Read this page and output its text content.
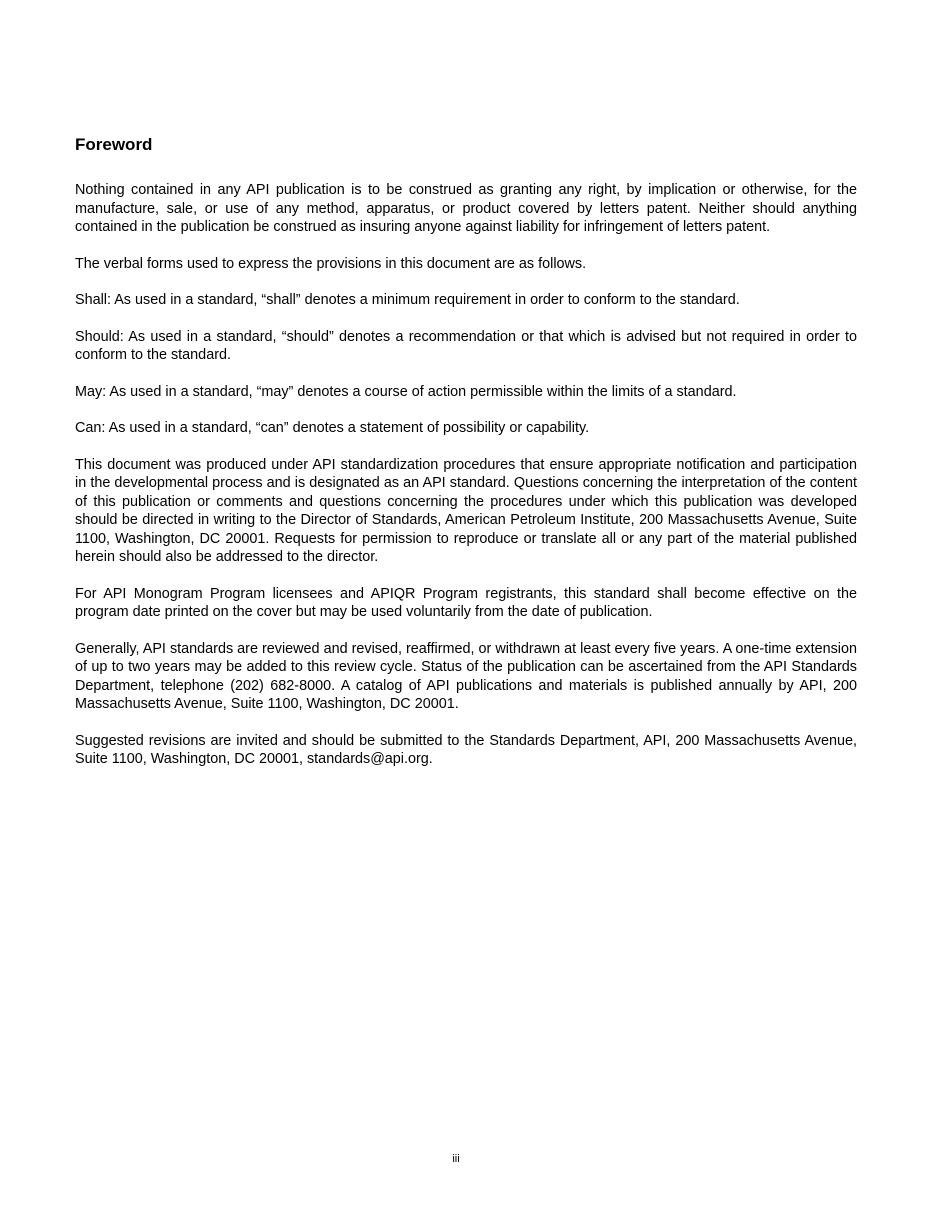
Foreword

Nothing contained in any API publication is to be construed as granting any right, by implication or otherwise, for the manufacture, sale, or use of any method, apparatus, or product covered by letters patent. Neither should anything contained in the publication be construed as insuring anyone against liability for infringement of letters patent.

The verbal forms used to express the provisions in this document are as follows.

Shall: As used in a standard, “shall” denotes a minimum requirement in order to conform to the standard.

Should: As used in a standard, “should” denotes a recommendation or that which is advised but not required in order to conform to the standard.

May: As used in a standard, “may” denotes a course of action permissible within the limits of a standard.

Can: As used in a standard, “can” denotes a statement of possibility or capability.

This document was produced under API standardization procedures that ensure appropriate notification and participation in the developmental process and is designated as an API standard. Questions concerning the interpretation of the content of this publication or comments and questions concerning the procedures under which this publication was developed should be directed in writing to the Director of Standards, American Petroleum Institute, 200 Massachusetts Avenue, Suite 1100, Washington, DC 20001. Requests for permission to reproduce or translate all or any part of the material published herein should also be addressed to the director.

For API Monogram Program licensees and APIQR Program registrants, this standard shall become effective on the program date printed on the cover but may be used voluntarily from the date of publication.

Generally, API standards are reviewed and revised, reaffirmed, or withdrawn at least every five years. A one-time extension of up to two years may be added to this review cycle. Status of the publication can be ascertained from the API Standards Department, telephone (202) 682-8000. A catalog of API publications and materials is published annually by API, 200 Massachusetts Avenue, Suite 1100, Washington, DC 20001.

Suggested revisions are invited and should be submitted to the Standards Department, API, 200 Massachusetts Avenue, Suite 1100, Washington, DC 20001, standards@api.org.

iii
